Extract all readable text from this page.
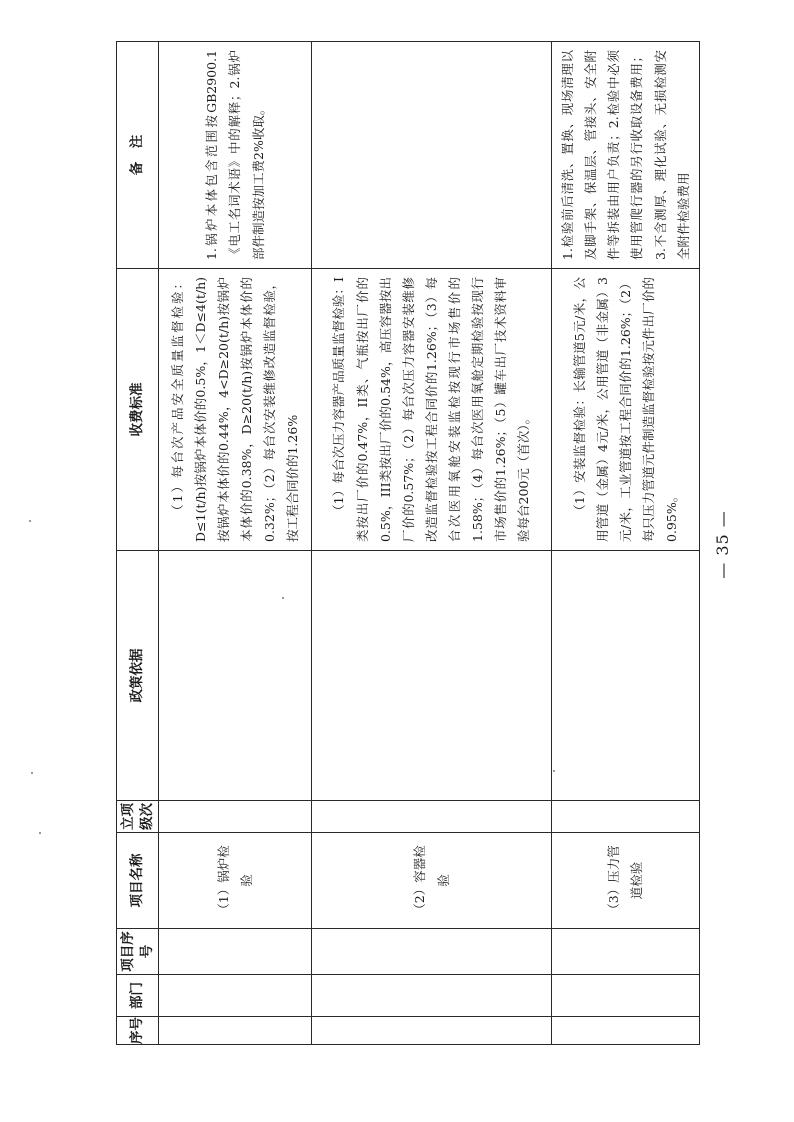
序号	部门	项目序号	项目名称	立项级次	政策依据	收费标准	备　注
			（1）锅炉检验			（1）每台次产品安全质量监督检验：D≤1(t/h)按锅炉本体价的0.5%，1＜D≤4(t/h)按锅炉本体价的0.44%，4<D≥20(t/h)按锅炉本体价的0.38%，D≥20(t/h)按锅炉本体价的0.32%；（2）每台次安装维修改造监督检验，按工程合同价的1.26%	1.锅炉本体包含范围按GB2900.1《电工名词术语》中的解释；2.锅炉部件制造按加工费2%收取。
			（2）容器检验			（1）每台次压力容器产品质量监督检验：I类按出厂价的0.47%，II类、气瓶按出厂价的0.5%，III类按出厂价的0.54%，高压容器按出厂价的0.57%；（2）每台次压力容器安装维修改造监督检验按工程合同价的1.26%；（3）每台次医用氧舱安装监检按现行市场售价的1.58%；（4）每台次医用氧舱定期检验按现行市场售价的1.26%；（5）罐车出厂技术资料审验每台200元（首次）。	
			（3）压力管道检验			（1）安装监督检验：长输管道5元/米，公用管道（金属）4元/米，公用管道（非金属）3元/米，工业管道按工程合同价的1.26%；（2）每只压力管道元件制造监督检验按元件出厂价的0.95%。	1.检验前后清洗、置换、现场清理以及脚手架、保温层、管接头、安全附件等拆装由用户负责；2.检验中必须使用管爬行器的另行收取设备费用；3.不含测厚、理化试验、无损检测安全附件检验费用
— 35 —
